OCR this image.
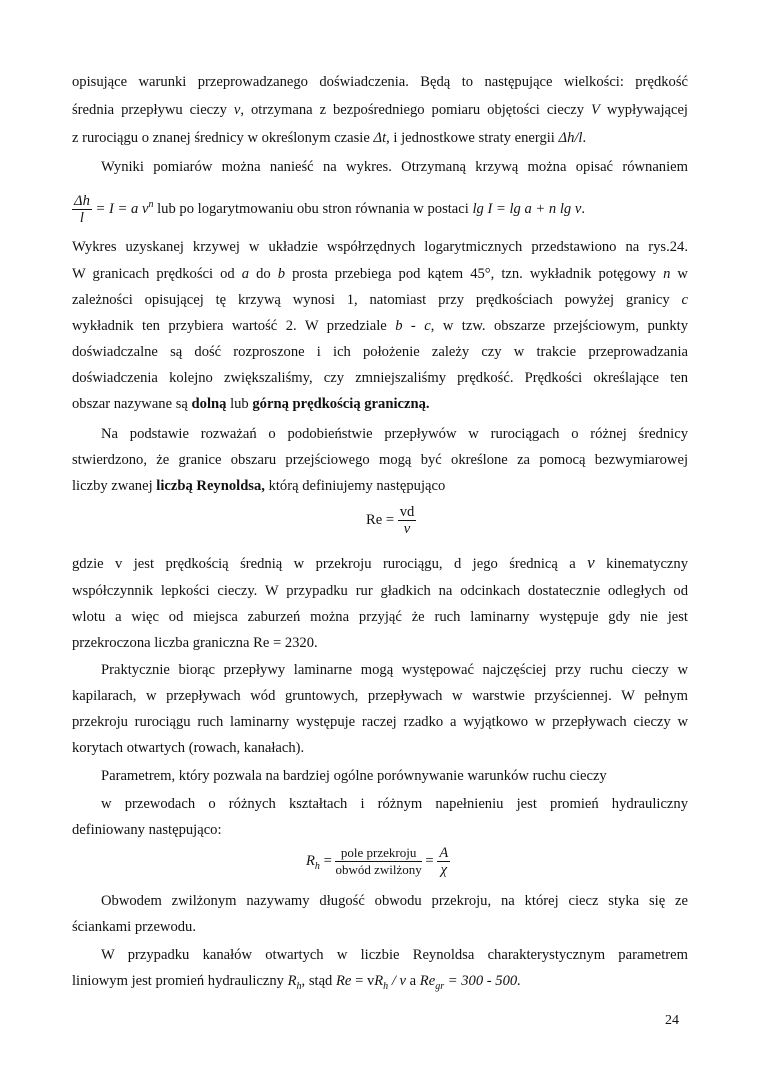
opisujące warunki przeprowadzanego doświadczenia. Będą to następujące wielkości: prędkość
średnia przepływu cieczy v, otrzymana z bezpośredniego pomiaru objętości cieczy V wypływającej
z rurociągu o znanej średnicy w określonym czasie Δt, i jednostkowe straty energii Δh/l.
Wyniki pomiarów można nanieść na wykres. Otrzymaną krzywą można opisać równaniem
$\frac{\Delta h}{l} = I = a$ $v^n$ lub po logarytmowaniu obu stron równania w postaci lg I = lg a + n lg v.
Wykres uzyskanej krzywej w układzie współrzędnych logarytmicznych przedstawiono na rys.24.
W granicach prędkości od a do b prosta przebiega pod kątem 45°, tzn. wykładnik potęgowy n w
zależności opisującej tę krzywą wynosi 1, natomiast przy prędkościach powyżej granicy c
wykładnik ten przybiera wartość 2. W przedziale b - c, w tzw. obszarze przejściowym, punkty
doświadczalne są dość rozproszone i ich położenie zależy czy w trakcie przeprowadzania
doświadczenia kolejno zwiększaliśmy, czy zmniejszaliśmy prędkość. Prędkości określające ten
obszar nazywane są dolną lub górną prędkością graniczną.
Na podstawie rozważań o podobieństwie przepływów w rurociągach o różnej średnicy
stwierdzono, że granice obszaru przejściowego mogą być określone za pomocą bezwymiarowej
liczby zwanej liczbą Reynoldsa, którą definiujemy następująco
$Re = \frac{vd}{\nu}$
gdzie v jest prędkością średnią w przekroju rurociągu, d jego średnicą a ν kinematyczny
współczynnik lepkości cieczy. W przypadku rur gładkich na odcinkach dostatecznie odległych od
wlotu a więc od miejsca zaburzeń można przyjąć że ruch laminarny występuje gdy nie jest
przekroczona liczba graniczna Re = 2320.
Praktycznie biorąc przepływy laminarne mogą występować najczęściej przy ruchu cieczy w
kapilarach, w przepływach wód gruntowych, przepływach w warstwie przyściennej. W pełnym
przekroju rurociągu ruch laminarny występuje raczej rzadko a wyjątkowo w przepływach cieczy w
korytach otwartych (rowach, kanałach).
Parametrem, który pozwala na bardziej ogólne porównywanie warunków ruchu cieczy
w przewodach o różnych kształtach i różnym napełnieniu jest promień hydrauliczny
definiowany następująco:
$R_h = \frac{\text{pole przekroju}}{\text{obwód zwilżony}} = \frac{A}{\chi}$
Obwodem zwilżonym nazywamy długość obwodu przekroju, na której ciecz styka się ze
ściankami przewodu.
W przypadku kanałów otwartych w liczbie Reynoldsa charakterystycznym parametrem
liniowym jest promień hydrauliczny $R_h$, stąd $Re = vR_h / \nu$ a $Re_{gr} = 300 - 500$.
24
